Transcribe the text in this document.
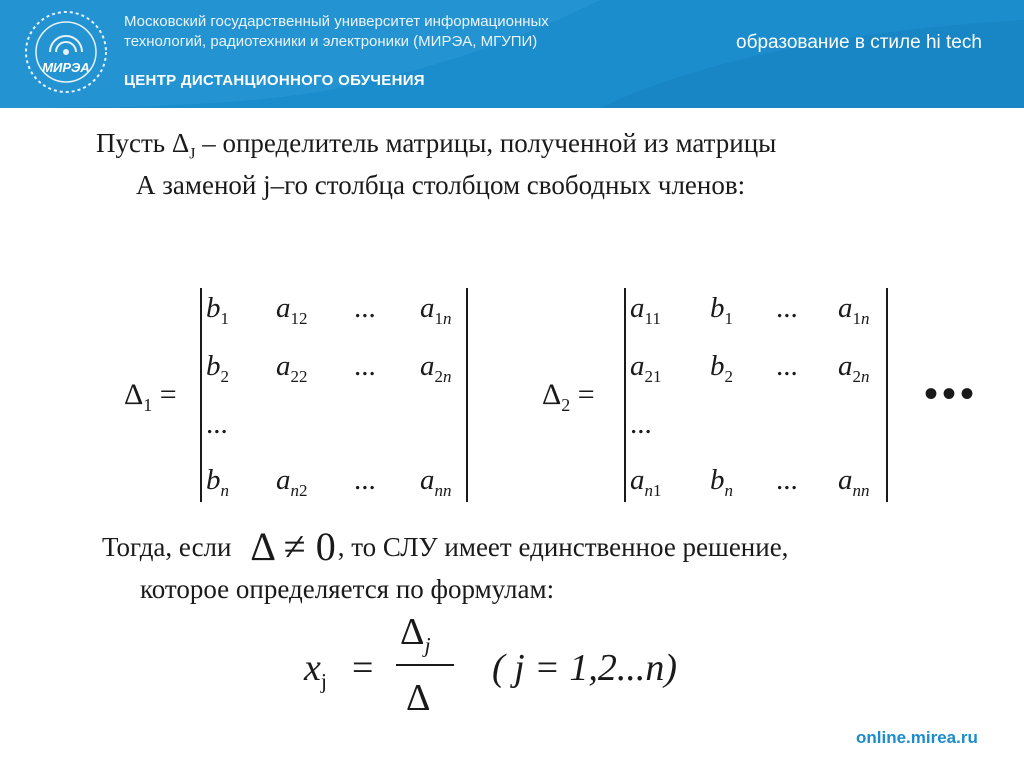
МИРЭА
Московский государственный университет информационных
технологий, радиотехники и электроники (МИРЭА, МГУПИ)
ЦЕНТР ДИСТАНЦИОННОГО ОБУЧЕНИЯ
образование в стиле hi tech
Пусть $\Delta_J$ – определитель матрицы, полученной из матрицы
А заменой j–го столбца столбцом свободных членов:
$\Delta_1$ =
$b_1$ $a_{12}$ ... $a_{1n}$
$b_2$ $a_{22}$ ... $a_{2n}$
...
$b_n$ $a_{n2}$ ... $a_{nn}$
$\Delta_2$ =
$a_{11}$ $b_1$ ... $a_{1n}$
$a_{21}$ $b_2$ ... $a_{2n}$
...
$a_{n1}$ $b_n$ ... $a_{nn}$
•••
Тогда, если Δ ≠ 0, то СЛУ имеет единственное решение,
которое определяется по формулам:
$x_j$ =
$\Delta_j$
Δ
( j = 1,2...n)
online.mirea.ru
